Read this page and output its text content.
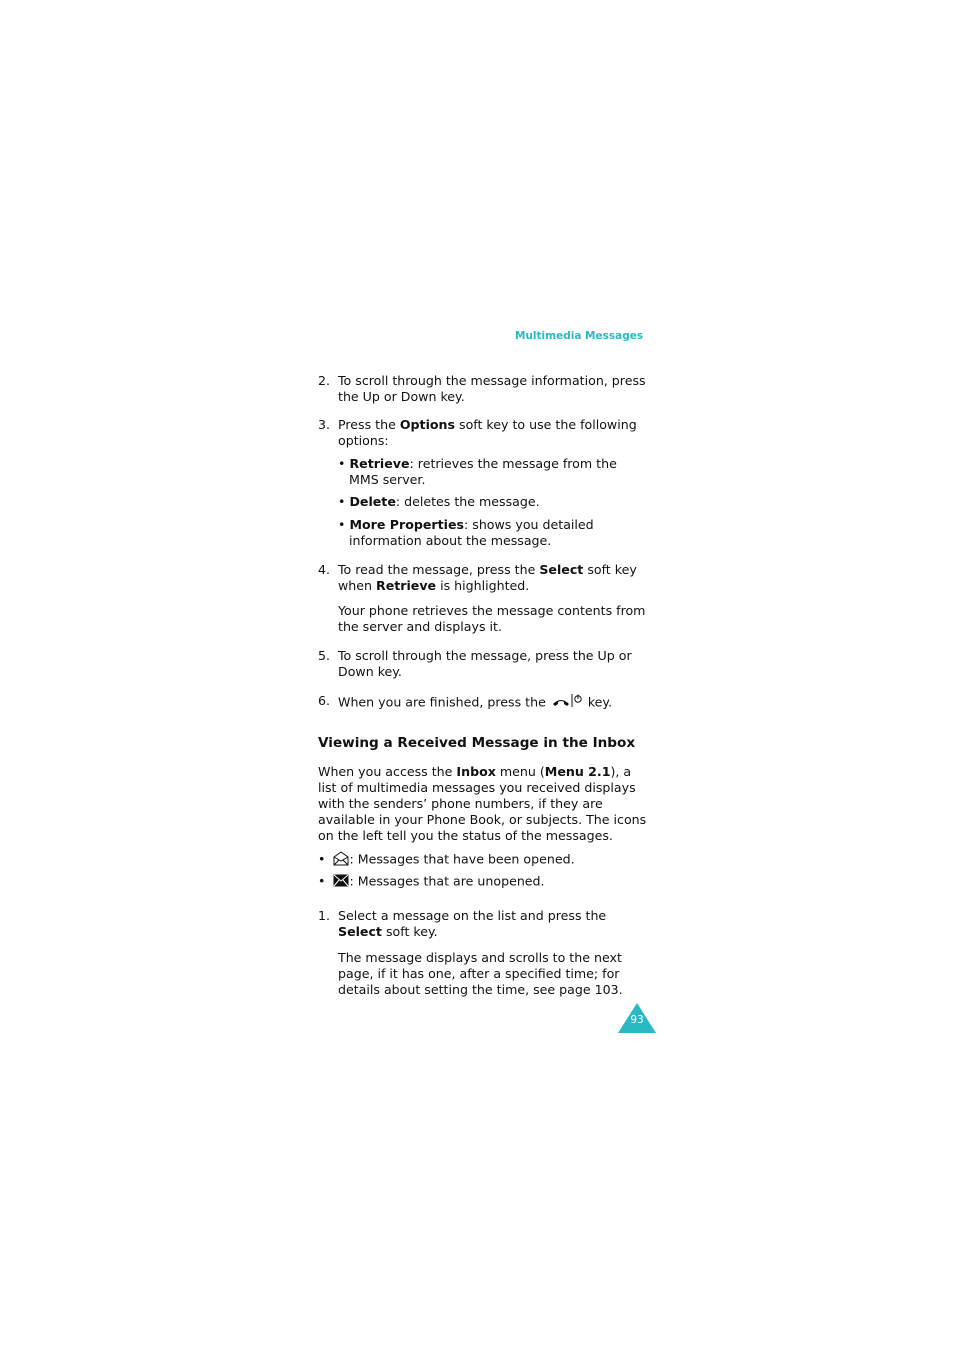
Multimedia Messages
2. To scroll through the message information, press
the Up or Down key.
3. Press the Options soft key to use the following
options:
• Retrieve: retrieves the message from the
MMS server.
• Delete: deletes the message.
• More Properties: shows you detailed
information about the message.
4. To read the message, press the Select soft key
when Retrieve is highlighted.
Your phone retrieves the message contents from
the server and displays it.
5. To scroll through the message, press the Up or
Down key.
6. When you are finished, press the	key.
Viewing a Received Message in the Inbox
When you access the Inbox menu (Menu 2.1), a
list of multimedia messages you received displays
with the senders’ phone numbers, if they are
available in your Phone Book, or subjects. The icons
on the left tell you the status of the messages.
• : Messages that have been opened.
• : Messages that are unopened.
1. Select a message on the list and press the
Select soft key.
The message displays and scrolls to the next
page, if it has one, after a specified time; for
details about setting the time, see page 103.
93
